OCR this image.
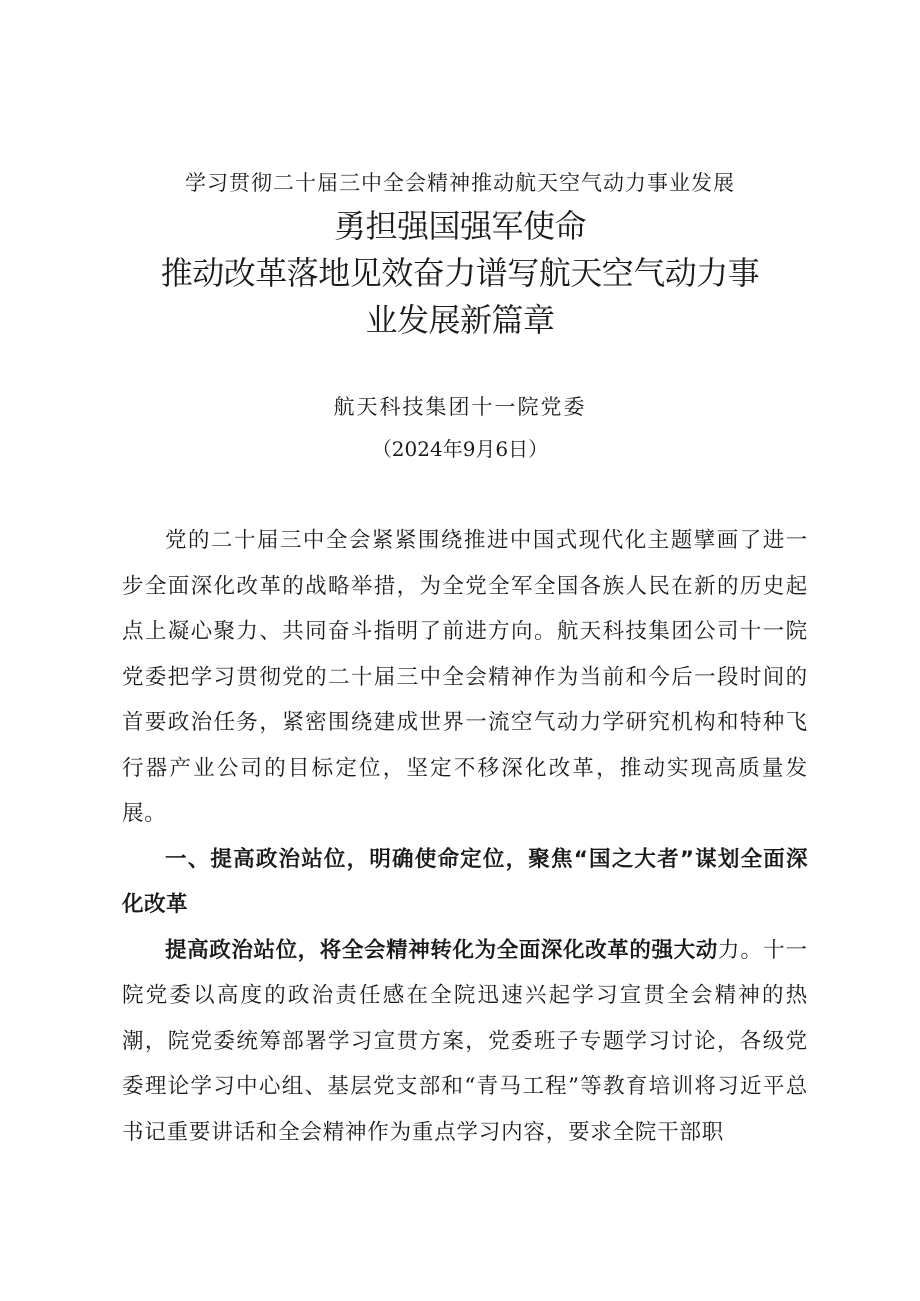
学习贯彻二十届三中全会精神推动航天空气动力事业发展
勇担强国强军使命
推动改革落地见效奋力谱写航天空气动力事
业发展新篇章
航天科技集团十一院党委
（2024年9月6日）

党的二十届三中全会紧紧围绕推进中国式现代化主题擘画了进一步全面深化改革的战略举措，为全党全军全国各族人民在新的历史起点上凝心聚力、共同奋斗指明了前进方向。航天科技集团公司十一院党委把学习贯彻党的二十届三中全会精神作为当前和今后一段时间的首要政治任务，紧密围绕建成世界一流空气动力学研究机构和特种飞行器产业公司的目标定位，坚定不移深化改革，推动实现高质量发展。

一、提高政治站位，明确使命定位，聚焦“国之大者”谋划全面深化改革

提高政治站位，将全会精神转化为全面深化改革的强大动力。十一院党委以高度的政治责任感在全院迅速兴起学习宣贯全会精神的热潮，院党委统筹部署学习宣贯方案，党委班子专题学习讨论，各级党委理论学习中心组、基层党支部和“青马工程”等教育培训将习近平总书记重要讲话和全会精神作为重点学习内容，要求全院干部职
